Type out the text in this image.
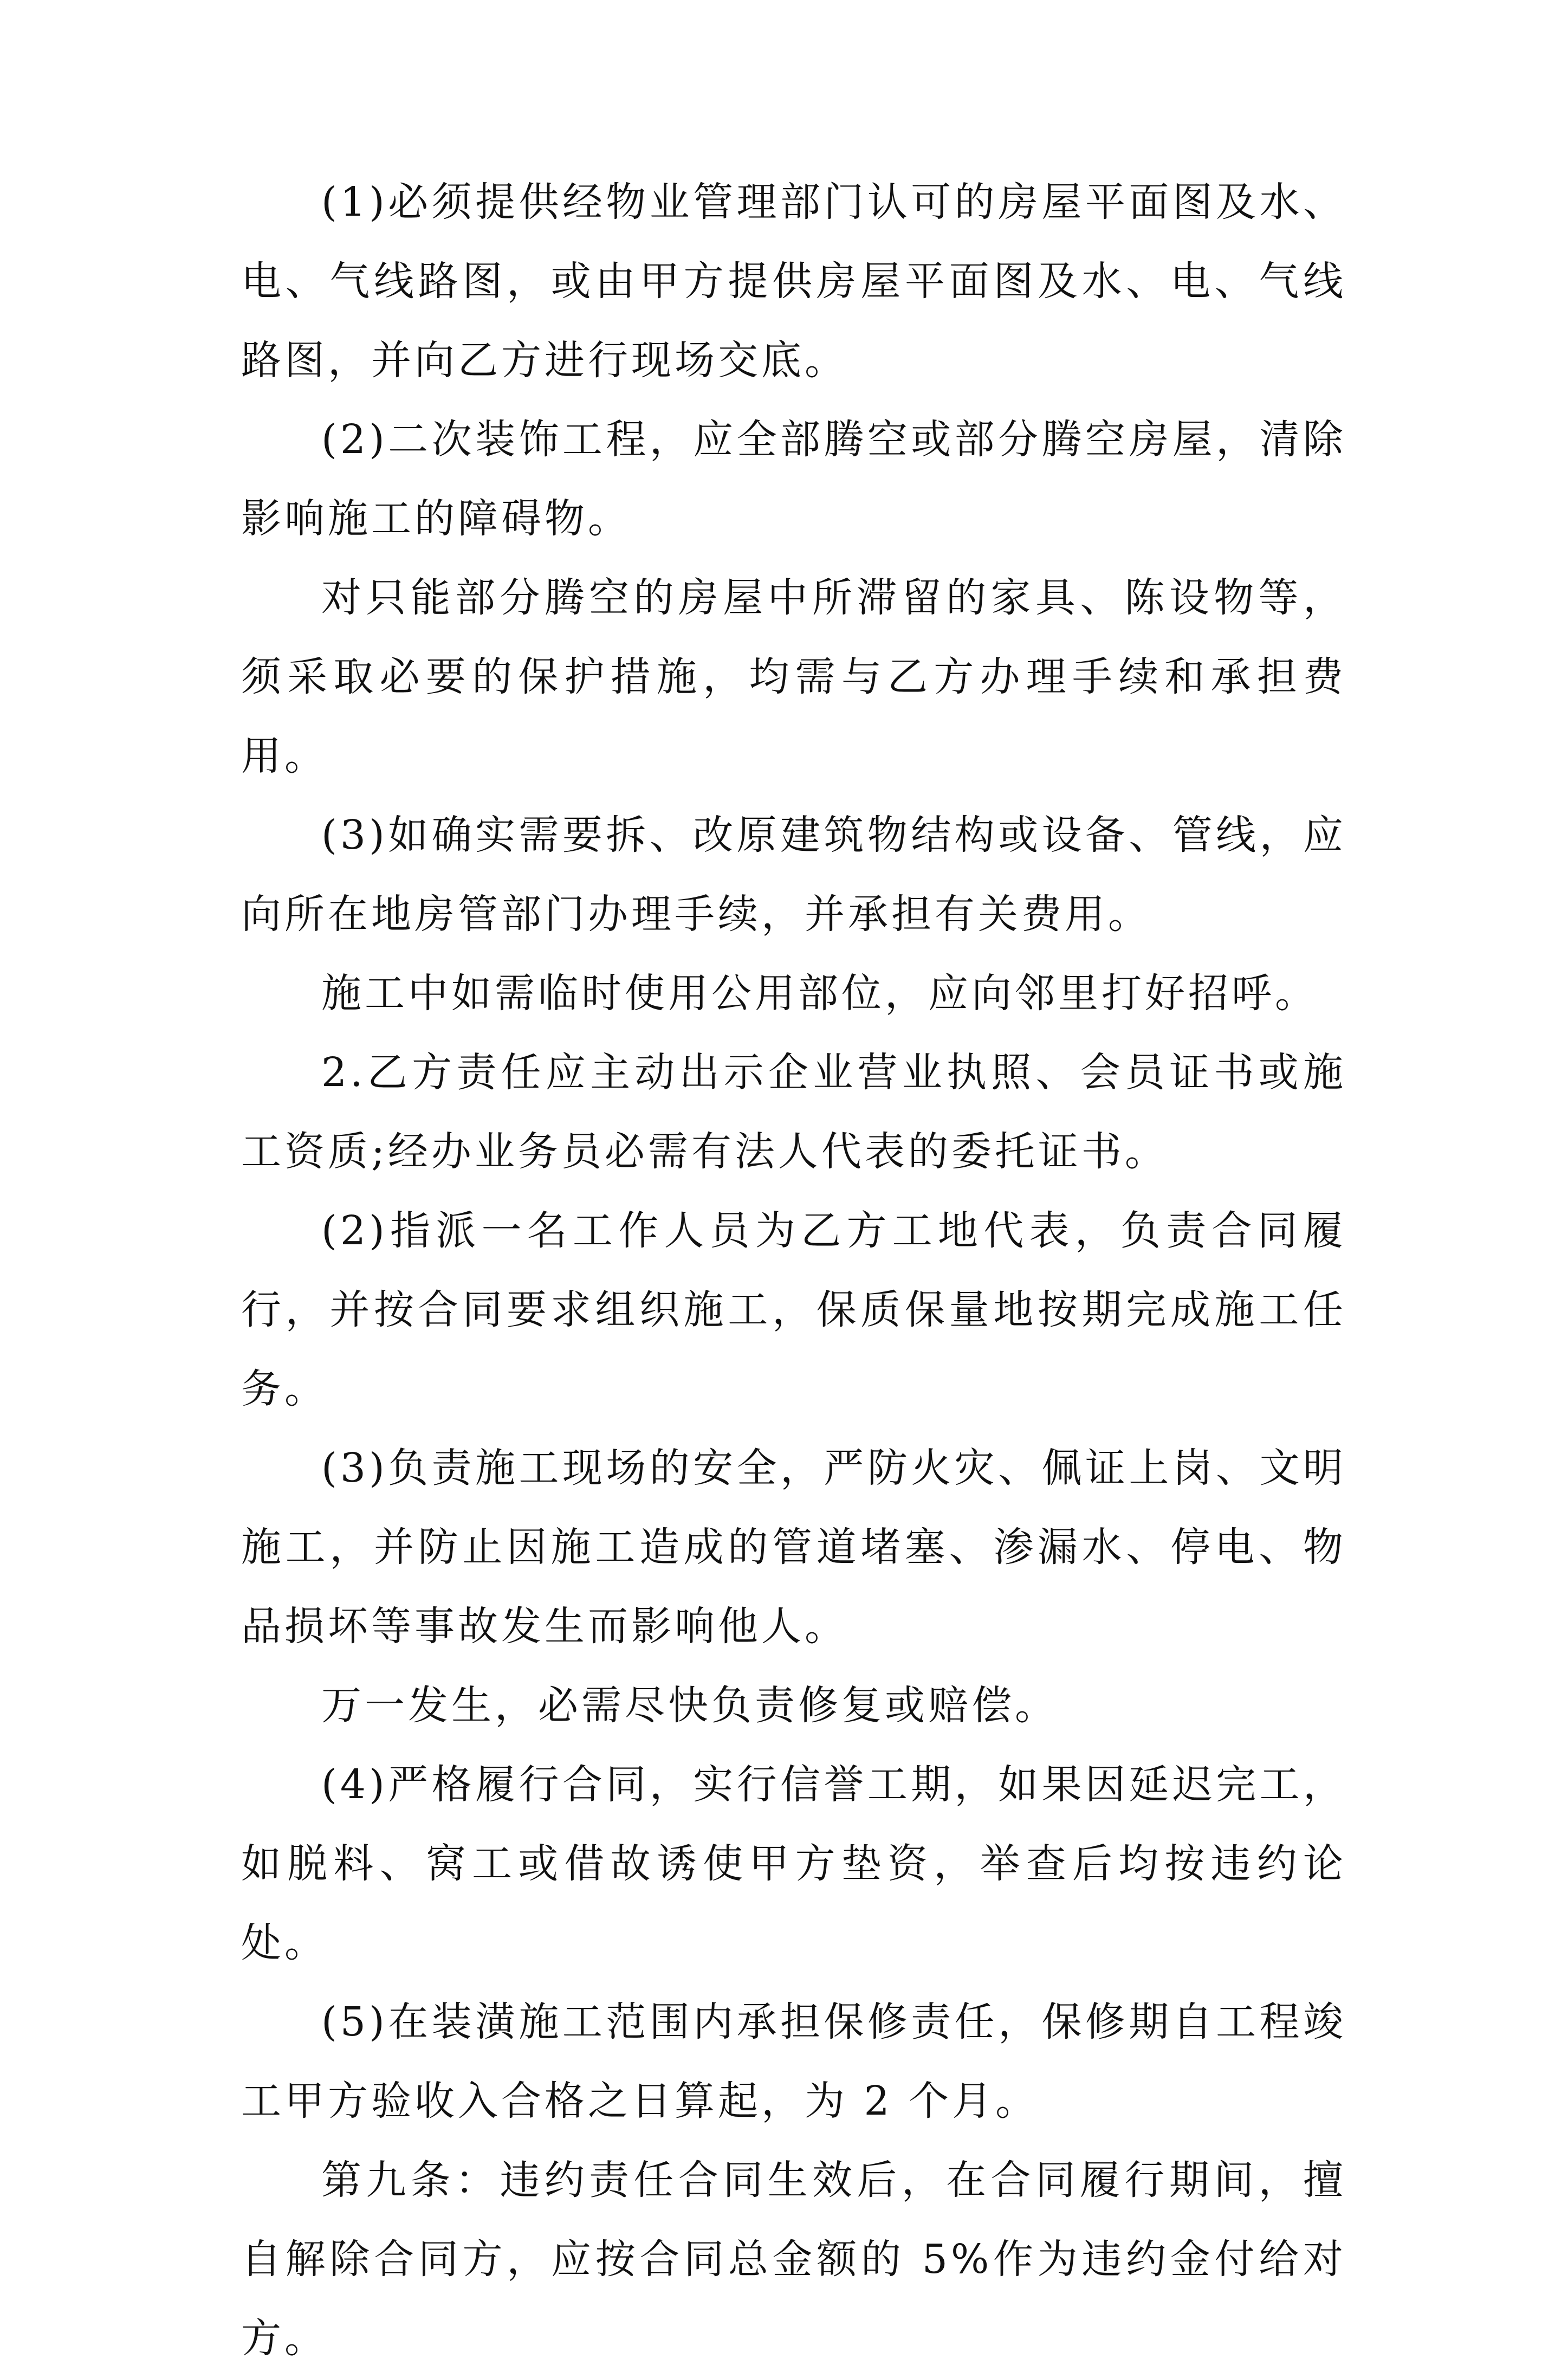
(1)必须提供经物业管理部门认可的房屋平面图及水、电、气线路图，或由甲方提供房屋平面图及水、电、气线路图，并向乙方进行现场交底。

(2)二次装饰工程，应全部腾空或部分腾空房屋，清除影响施工的障碍物。

对只能部分腾空的房屋中所滞留的家具、陈设物等，须采取必要的保护措施，均需与乙方办理手续和承担费用。

(3)如确实需要拆、改原建筑物结构或设备、管线，应向所在地房管部门办理手续，并承担有关费用。

施工中如需临时使用公用部位，应向邻里打好招呼。

2.乙方责任应主动出示企业营业执照、会员证书或施工资质;经办业务员必需有法人代表的委托证书。

(2)指派一名工作人员为乙方工地代表，负责合同履行，并按合同要求组织施工，保质保量地按期完成施工任务。

(3)负责施工现场的安全，严防火灾、佩证上岗、文明施工，并防止因施工造成的管道堵塞、渗漏水、停电、物品损坏等事故发生而影响他人。

万一发生，必需尽快负责修复或赔偿。

(4)严格履行合同，实行信誉工期，如果因延迟完工，如脱料、窝工或借故诱使甲方垫资，举查后均按违约论处。

(5)在装潢施工范围内承担保修责任，保修期自工程竣工甲方验收入合格之日算起，为 2 个月。

第九条：违约责任合同生效后，在合同履行期间，擅自解除合同方，应按合同总金额的 5%作为违约金付给对方。
